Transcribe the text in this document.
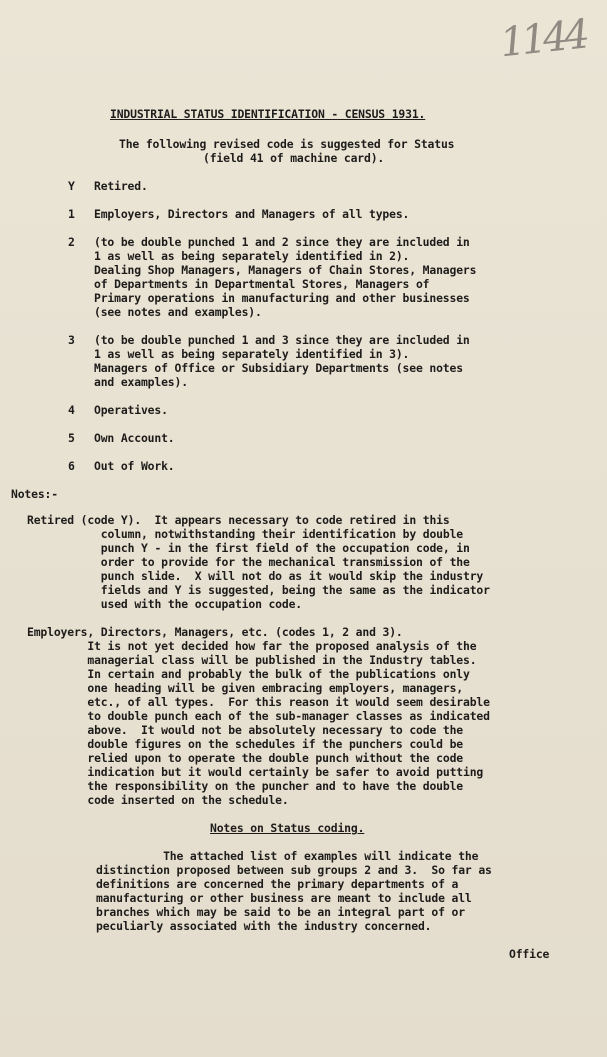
1144

INDUSTRIAL STATUS IDENTIFICATION - CENSUS 1931.

The following revised code is suggested for Status

(field 41 of machine card).

Y Retired.

1 Employers, Directors and Managers of all types.

2 (to be double punched 1 and 2 since they are included in

1 as well as being separately identified in 2).

Dealing Shop Managers, Managers of Chain Stores, Managers

of Departments in Departmental Stores, Managers of

Primary operations in manufacturing and other businesses

(see notes and examples).

3 (to be double punched 1 and 3 since they are included in

1 as well as being separately identified in 3).

Managers of Office or Subsidiary Departments (see notes

and examples).

4 Operatives.

5 Own Account.

6 Out of Work.

Notes:-

Retired (code Y).  It appears necessary to code retired in this

column, notwithstanding their identification by double

punch Y - in the first field of the occupation code, in

order to provide for the mechanical transmission of the

punch slide.  X will not do as it would skip the industry

fields and Y is suggested, being the same as the indicator

used with the occupation code.

Employers, Directors, Managers, etc. (codes 1, 2 and 3).

It is not yet decided how far the proposed analysis of the

managerial class will be published in the Industry tables.

In certain and probably the bulk of the publications only

one heading will be given embracing employers, managers,

etc., of all types.  For this reason it would seem desirable

to double punch each of the sub-manager classes as indicated

above.  It would not be absolutely necessary to code the

double figures on the schedules if the punchers could be

relied upon to operate the double punch without the code

indication but it would certainly be safer to avoid putting

the responsibility on the puncher and to have the double

code inserted on the schedule.

Notes on Status coding.

The attached list of examples will indicate the

distinction proposed between sub groups 2 and 3.  So far as

definitions are concerned the primary departments of a

manufacturing or other business are meant to include all

branches which may be said to be an integral part of or

peculiarly associated with the industry concerned.

Office
